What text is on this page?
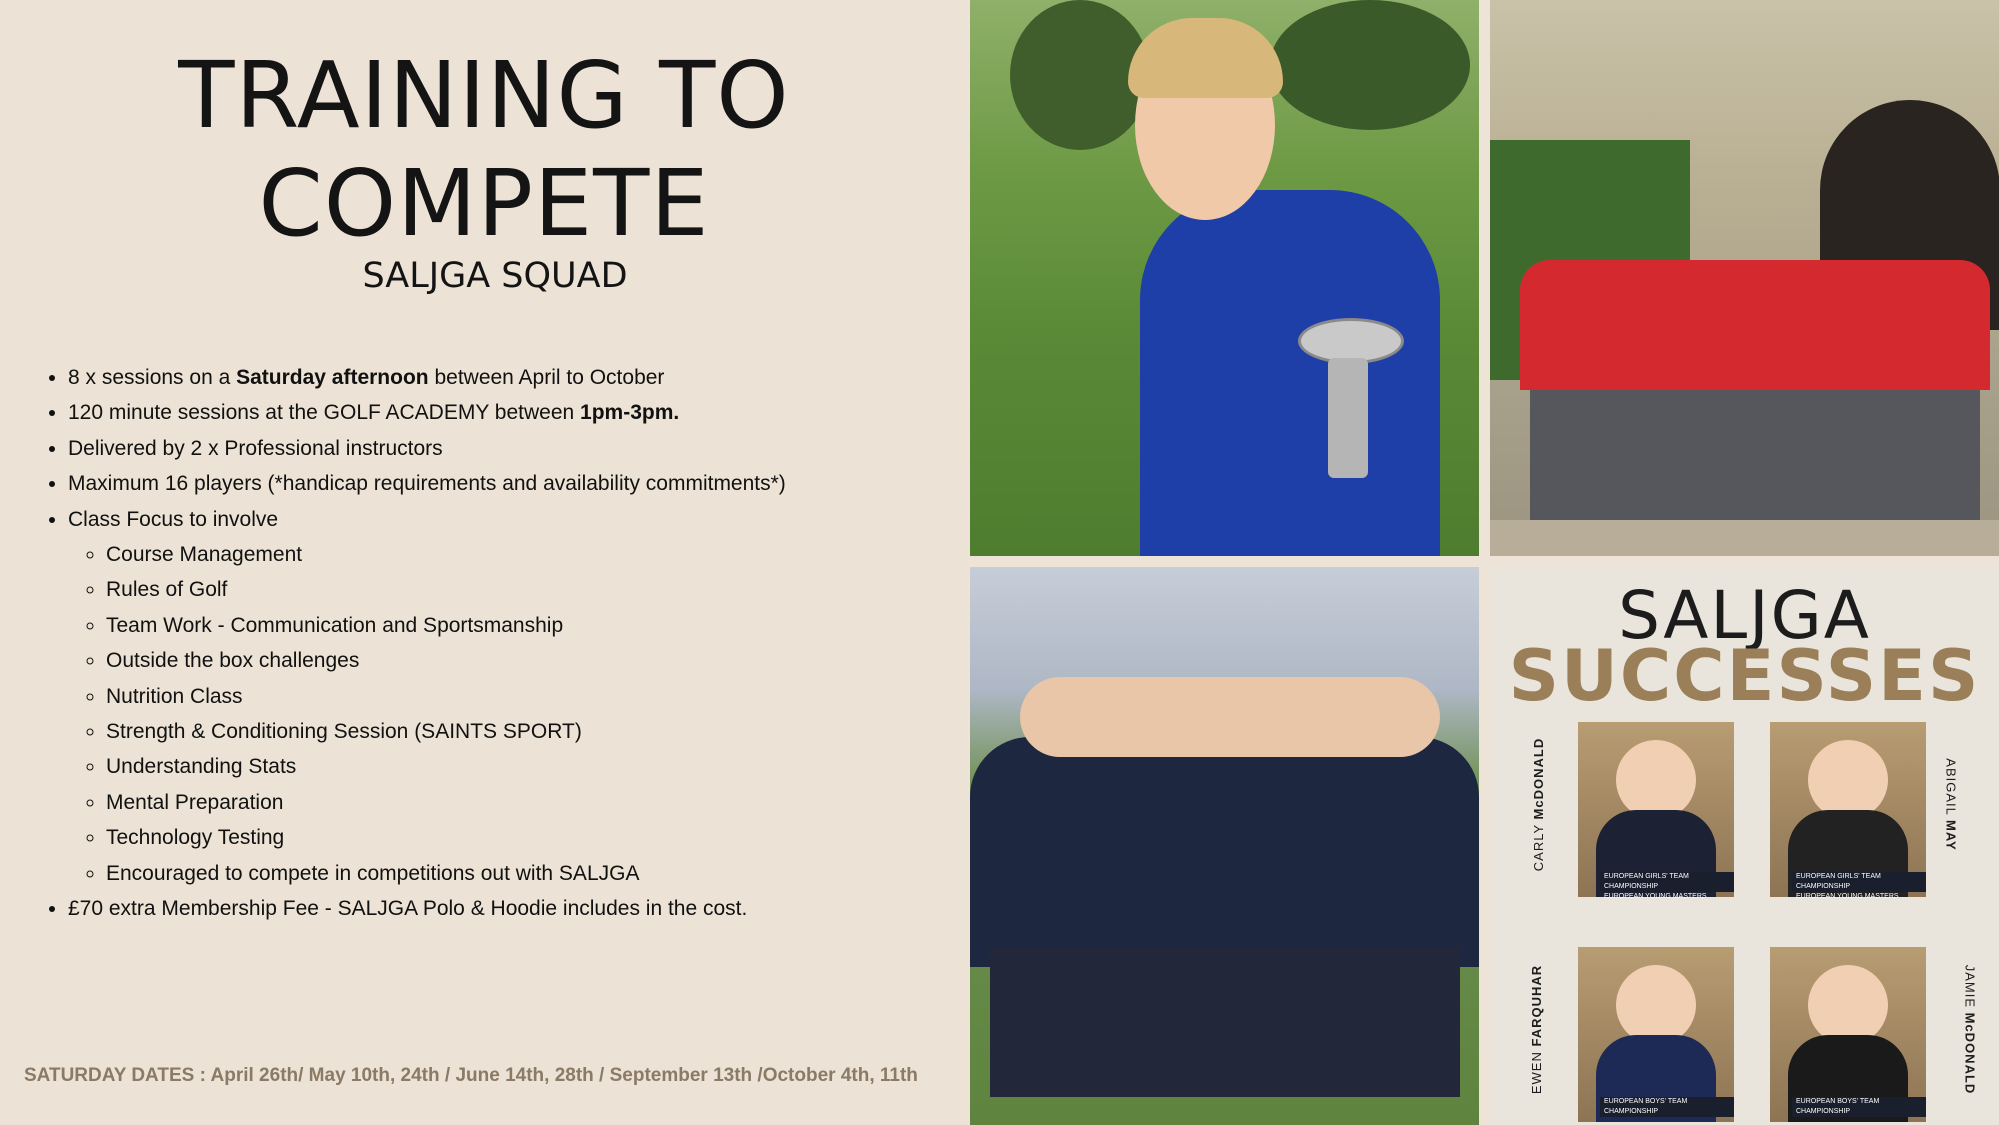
TRAINING TO
COMPETE
SALJGA SQUAD
• 8 x sessions on a Saturday afternoon between April to October
• 120 minute sessions at the GOLF ACADEMY between 1pm-3pm.
• Delivered by 2 x Professional instructors
• Maximum 16 players (*handicap requirements and availability commitments*)
• Class Focus to involve
◦ Course Management
◦ Rules of Golf
◦ Team Work - Communication and Sportsmanship
◦ Outside the box challenges
◦ Nutrition Class
◦ Strength & Conditioning Session (SAINTS SPORT)
◦ Understanding Stats
◦ Mental Preparation
◦ Technology Testing
◦ Encouraged to compete in competitions out with SALJGA
• £70 extra Membership Fee - SALJGA Polo & Hoodie includes in the cost.
SATURDAY DATES : April 26th/ May 10th, 24th / June 14th, 28th / September 13th /October 4th, 11th
SALJGA
SUCCESSES
EUROPEAN GIRLS' TEAM CHAMPIONSHIP
EUROPEAN YOUNG MASTERS
CARLY McDONALD
EUROPEAN GIRLS' TEAM CHAMPIONSHIP
EUROPEAN YOUNG MASTERS
ABIGAIL MAY
EUROPEAN BOYS' TEAM CHAMPIONSHIP
EWEN FARQUHAR
EUROPEAN BOYS' TEAM CHAMPIONSHIP
JAMIE McDONALD
